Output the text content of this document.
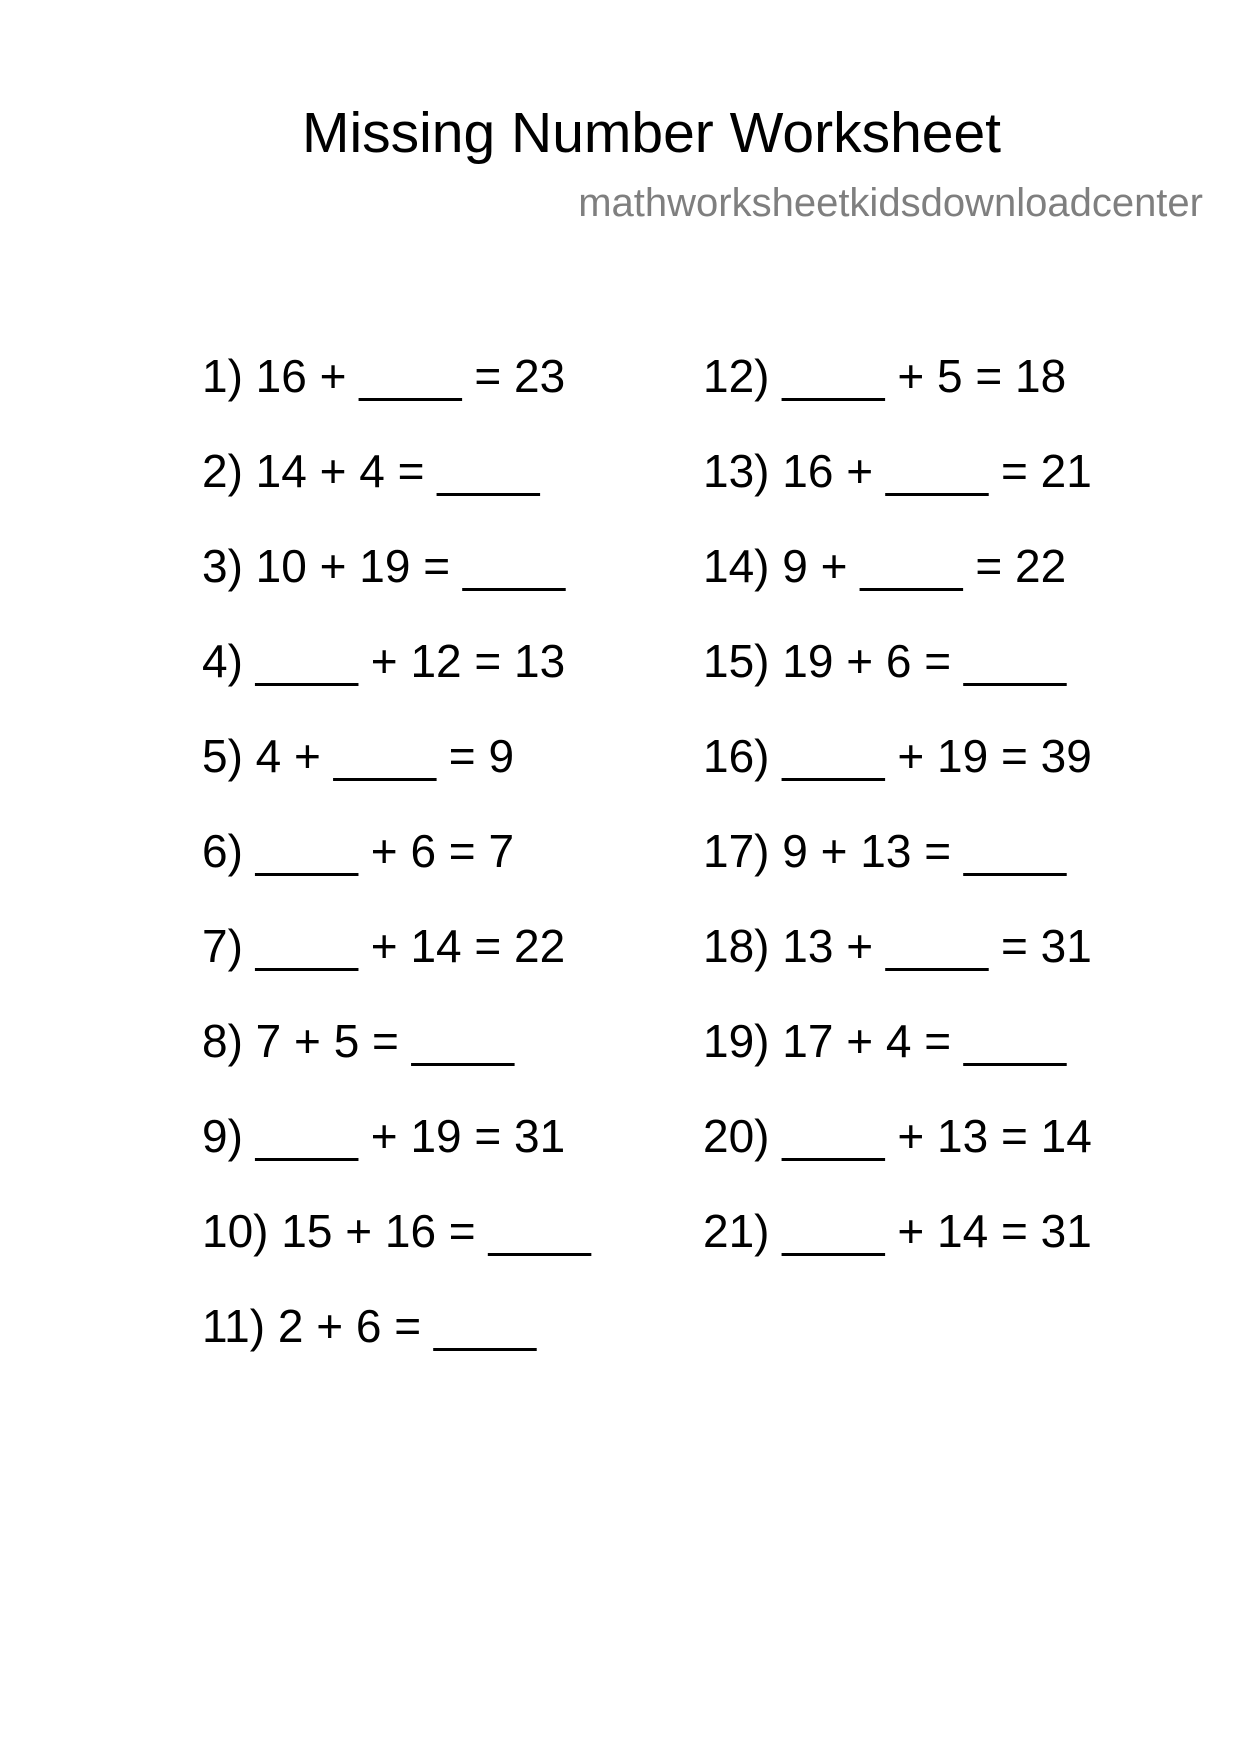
Missing Number Worksheet
mathworksheetkidsdownloadcenter
1) 16 + ____ = 23
2) 14 + 4 = ____
3) 10 + 19 = ____
4) ____ + 12 = 13
5) 4 + ____ = 9
6) ____ + 6 = 7
7) ____ + 14 = 22
8) 7 + 5 = ____
9) ____ + 19 = 31
10) 15 + 16 = ____
11) 2 + 6 = ____
12) ____ + 5 = 18
13) 16 + ____ = 21
14) 9 + ____ = 22
15) 19 + 6 = ____
16) ____ + 19 = 39
17) 9 + 13 = ____
18) 13 + ____ = 31
19) 17 + 4 = ____
20) ____ + 13 = 14
21) ____ + 14 = 31
